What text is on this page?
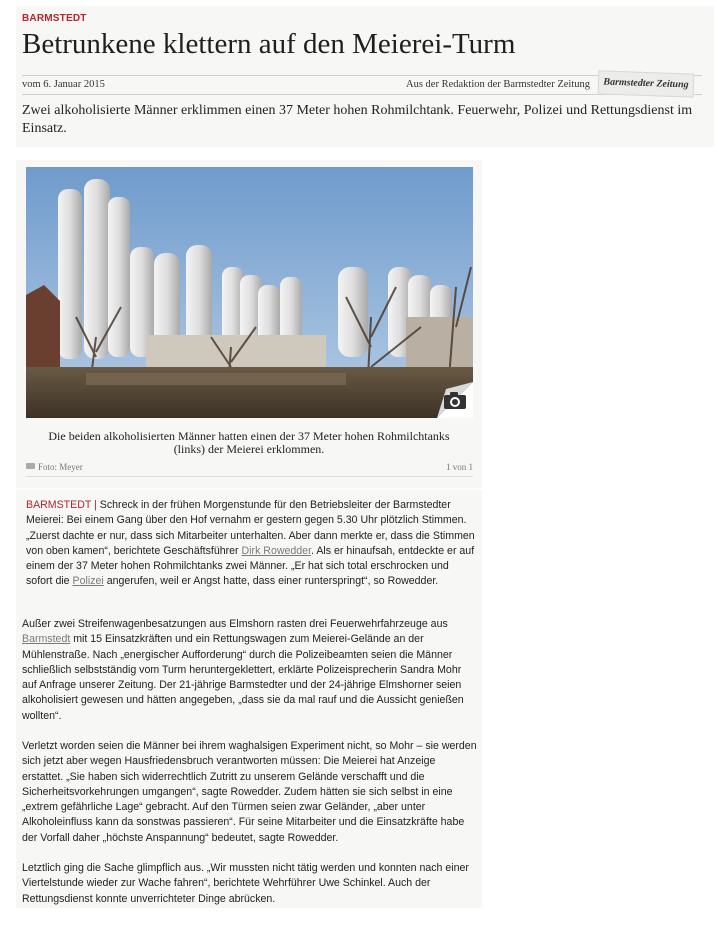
BARMSTEDT
Betrunkene klettern auf den Meierei-Turm
vom 6. Januar 2015	Aus der Redaktion der Barmstedter Zeitung	Barmstedter Zeitung

Zwei alkoholisierte Männer erklimmen einen 37 Meter hohen Rohmilchtank. Feuerwehr, Polizei und Rettungsdienst im Einsatz.

Die beiden alkoholisierten Männer hatten einen der 37 Meter hohen Rohmilchtanks (links) der Meierei erklommen.

Foto: Meyer	1 von 1

BARMSTEDT | Schreck in der frühen Morgenstunde für den Betriebsleiter der Barmstedter Meierei: Bei einem Gang über den Hof vernahm er gestern gegen 5.30 Uhr plötzlich Stimmen. „Zuerst dachte er nur, dass sich Mitarbeiter unterhalten. Aber dann merkte er, dass die Stimmen von oben kamen“, berichtete Geschäftsführer Dirk Rowedder. Als er hinaufsah, entdeckte er auf einem der 37 Meter hohen Rohmilchtanks zwei Männer. „Er hat sich total erschrocken und sofort die Polizei angerufen, weil er Angst hatte, dass einer runterspringt“, so Rowedder.

Außer zwei Streifenwagenbesatzungen aus Elmshorn rasten drei Feuerwehrfahrzeuge aus Barmstedt mit 15 Einsatzkräften und ein Rettungswagen zum Meierei-Gelände an der Mühlenstraße. Nach „energischer Aufforderung“ durch die Polizeibeamten seien die Männer schließlich selbstständig vom Turm heruntergeklettert, erklärte Polizeisprecherin Sandra Mohr auf Anfrage unserer Zeitung. Der 21-jährige Barmstedter und der 24-jährige Elmshorner seien alkoholisiert gewesen und hätten angegeben, „dass sie da mal rauf und die Aussicht genießen wollten“.

Verletzt worden seien die Männer bei ihrem waghalsigen Experiment nicht, so Mohr – sie werden sich jetzt aber wegen Hausfriedensbruch verantworten müssen: Die Meierei hat Anzeige erstattet. „Sie haben sich widerrechtlich Zutritt zu unserem Gelände verschafft und die Sicherheitsvorkehrungen umgangen“, sagte Rowedder. Zudem hätten sie sich selbst in eine „extrem gefährliche Lage“ gebracht. Auf den Türmen seien zwar Geländer, „aber unter Alkoholeinfluss kann da sonstwas passieren“. Für seine Mitarbeiter und die Einsatzkräfte habe der Vorfall daher „höchste Anspannung“ bedeutet, sagte Rowedder.

Letztlich ging die Sache glimpflich aus. „Wir mussten nicht tätig werden und konnten nach einer Viertelstunde wieder zur Wache fahren“, berichtete Wehrführer Uwe Schinkel. Auch der Rettungsdienst konnte unverrichteter Dinge abrücken.
